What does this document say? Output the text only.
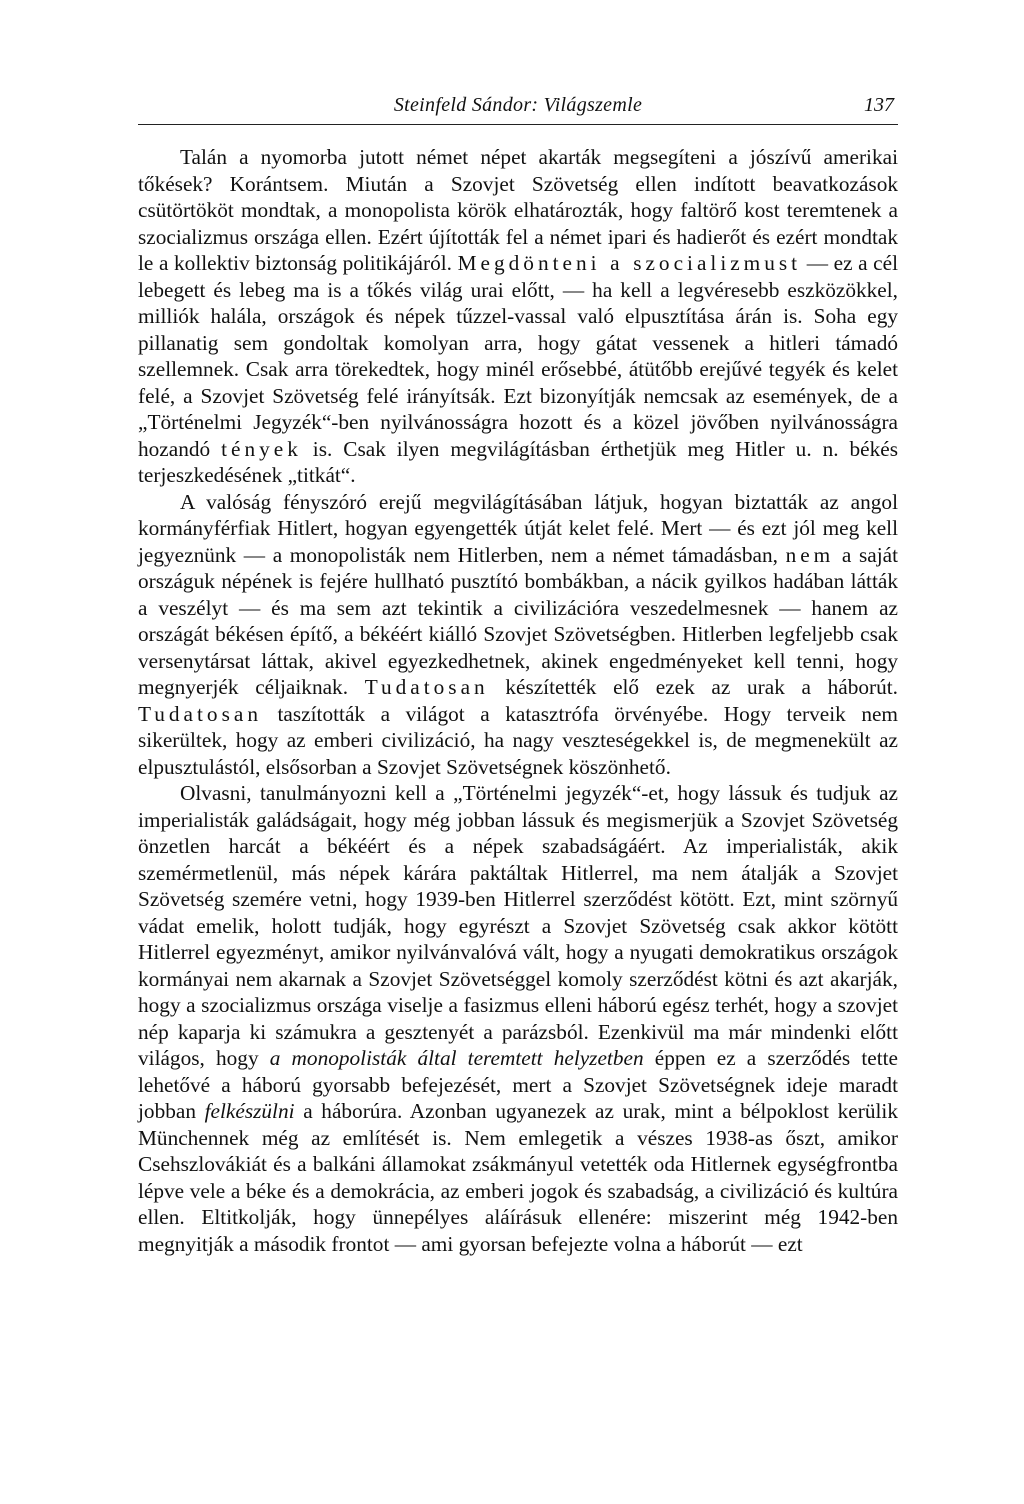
Steinfeld Sándor: Világszemle	137

Talán a nyomorba jutott német népet akarták megsegíteni a jószívű amerikai tőkések? Korántsem. Miután a Szovjet Szövetség ellen indított beavatkozások csütörtököt mondtak, a monopolista körök elhatározták, hogy faltörő kost teremtenek a szocializmus országa ellen. Ezért újították fel a német ipari és hadierőt és ezért mondtak le a kollektiv biztonság politikájáról. Megdönteni a szocializmust — ez a cél lebegett és lebeg ma is a tőkés világ urai előtt, — ha kell a legvéresebb eszközökkel, milliók halála, országok és népek tűzzel-vassal való elpusztítása árán is. Soha egy pillanatig sem gondoltak komolyan arra, hogy gátat vessenek a hitleri támadó szellemnek. Csak arra törekedtek, hogy minél erősebbé, átütőbb erejűvé tegyék és kelet felé, a Szovjet Szövetség felé irányítsák. Ezt bizonyítják nemcsak az események, de a „Történelmi Jegyzék“-ben nyilvánosságra hozott és a közel jövőben nyilvánosságra hozandó tények is. Csak ilyen megvilágításban érthetjük meg Hitler u. n. békés terjeszkedésének „titkát“.

A valóság fényszóró erejű megvilágításában látjuk, hogyan biztatták az angol kormányférfiak Hitlert, hogyan egyengették útját kelet felé. Mert — és ezt jól meg kell jegyeznünk — a monopolisták nem Hitlerben, nem a német támadásban, nem a saját országuk népének is fejére hullható pusztító bombákban, a nácik gyilkos hadában látták a veszélyt — és ma sem azt tekintik a civilizációra veszedelmesnek — hanem az országát békésen építő, a békéért kiálló Szovjet Szövetségben. Hitlerben legfeljebb csak versenytársat láttak, akivel egyezkedhetnek, akinek engedményeket kell tenni, hogy megnyerjék céljaiknak. Tudatosan készítették elő ezek az urak a háborút. Tudatosan taszították a világot a katasztrófa örvényébe. Hogy terveik nem sikerültek, hogy az emberi civilizáció, ha nagy veszteségekkel is, de megmenekült az elpusztulástól, elsősorban a Szovjet Szövetségnek köszönhető.

Olvasni, tanulmányozni kell a „Történelmi jegyzék“-et, hogy lássuk és tudjuk az imperialisták galádságait, hogy még jobban lássuk és megismerjük a Szovjet Szövetség önzetlen harcát a békéért és a népek szabadságáért. Az imperialisták, akik szemérmetlenül, más népek kárára paktáltak Hitlerrel, ma nem átalják a Szovjet Szövetség szemére vetni, hogy 1939-ben Hitlerrel szerződést kötött. Ezt, mint szörnyű vádat emelik, holott tudják, hogy egyrészt a Szovjet Szövetség csak akkor kötött Hitlerrel egyezményt, amikor nyilvánvalóvá vált, hogy a nyugati demokratikus országok kormányai nem akarnak a Szovjet Szövetséggel komoly szerződést kötni és azt akarják, hogy a szocializmus országa viselje a fasizmus elleni háború egész terhét, hogy a szovjet nép kaparja ki számukra a gesztenyét a parázsból. Ezenkivül ma már mindenki előtt világos, hogy a monopolisták által teremtett helyzetben éppen ez a szerződés tette lehetővé a háború gyorsabb befejezését, mert a Szovjet Szövetségnek ideje maradt jobban felkészülni a háborúra. Azonban ugyanezek az urak, mint a bélpoklost kerülik Münchennek még az említését is. Nem emlegetik a vészes 1938-as őszt, amikor Csehszlovákiát és a balkáni államokat zsákmányul vetették oda Hitlernek egységfrontba lépve vele a béke és a demokrácia, az emberi jogok és szabadság, a civilizáció és kultúra ellen. Eltitkolják, hogy ünnepélyes aláírásuk ellenére: miszerint még 1942-ben megnyitják a második frontot — ami gyorsan befejezte volna a háborút — ezt
